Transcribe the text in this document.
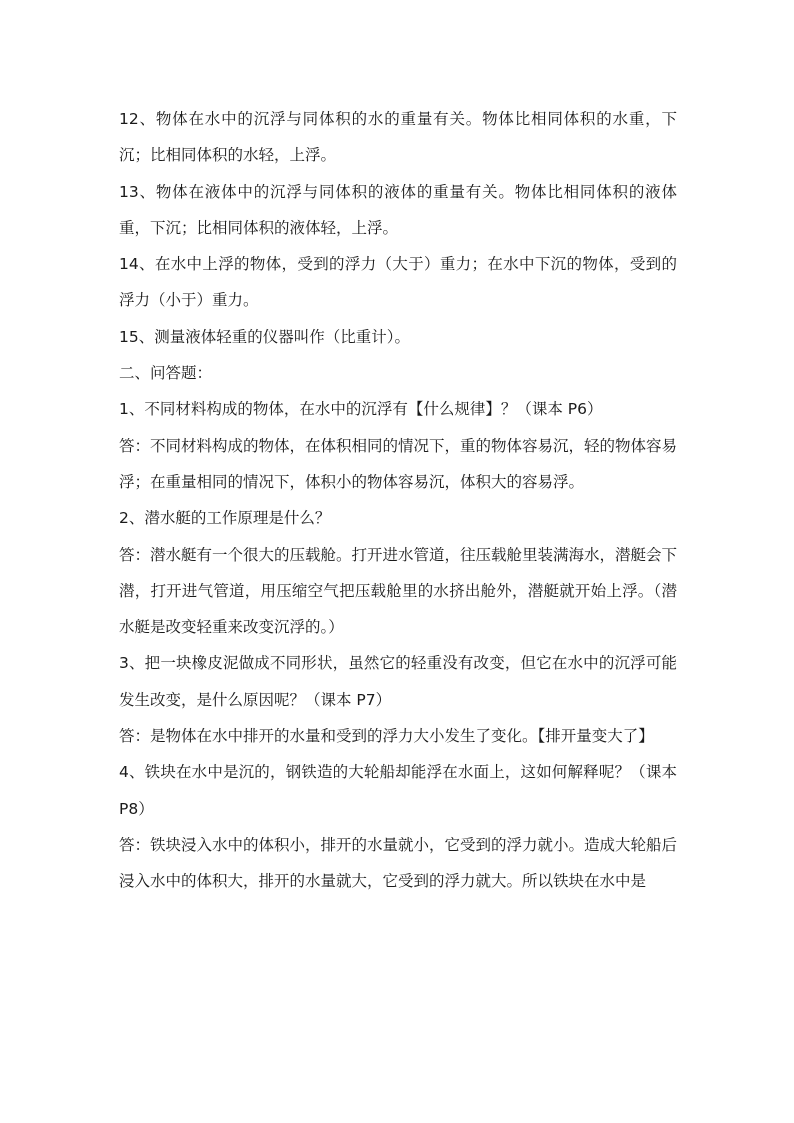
12、物体在水中的沉浮与同体积的水的重量有关。物体比相同体积的水重，下沉；比相同体积的水轻，上浮。

13、物体在液体中的沉浮与同体积的液体的重量有关。物体比相同体积的液体重，下沉；比相同体积的液体轻，上浮。

14、在水中上浮的物体，受到的浮力（大于）重力；在水中下沉的物体，受到的浮力（小于）重力。

15、测量液体轻重的仪器叫作（比重计）。

二、问答题：

1、不同材料构成的物体，在水中的沉浮有【什么规律】？（课本 P6）

答：不同材料构成的物体，在体积相同的情况下，重的物体容易沉，轻的物体容易浮；在重量相同的情况下，体积小的物体容易沉，体积大的容易浮。

2、潜水艇的工作原理是什么？

答：潜水艇有一个很大的压载舱。打开进水管道，往压载舱里装满海水，潜艇会下潜，打开进气管道，用压缩空气把压载舱里的水挤出舱外，潜艇就开始上浮。（潜水艇是改变轻重来改变沉浮的。）

3、把一块橡皮泥做成不同形状，虽然它的轻重没有改变，但它在水中的沉浮可能发生改变，是什么原因呢？（课本 P7）

答：是物体在水中排开的水量和受到的浮力大小发生了变化。【排开量变大了】

4、铁块在水中是沉的，钢铁造的大轮船却能浮在水面上，这如何解释呢？（课本 P8）

答：铁块浸入水中的体积小，排开的水量就小，它受到的浮力就小。造成大轮船后浸入水中的体积大，排开的水量就大，它受到的浮力就大。所以铁块在水中是
